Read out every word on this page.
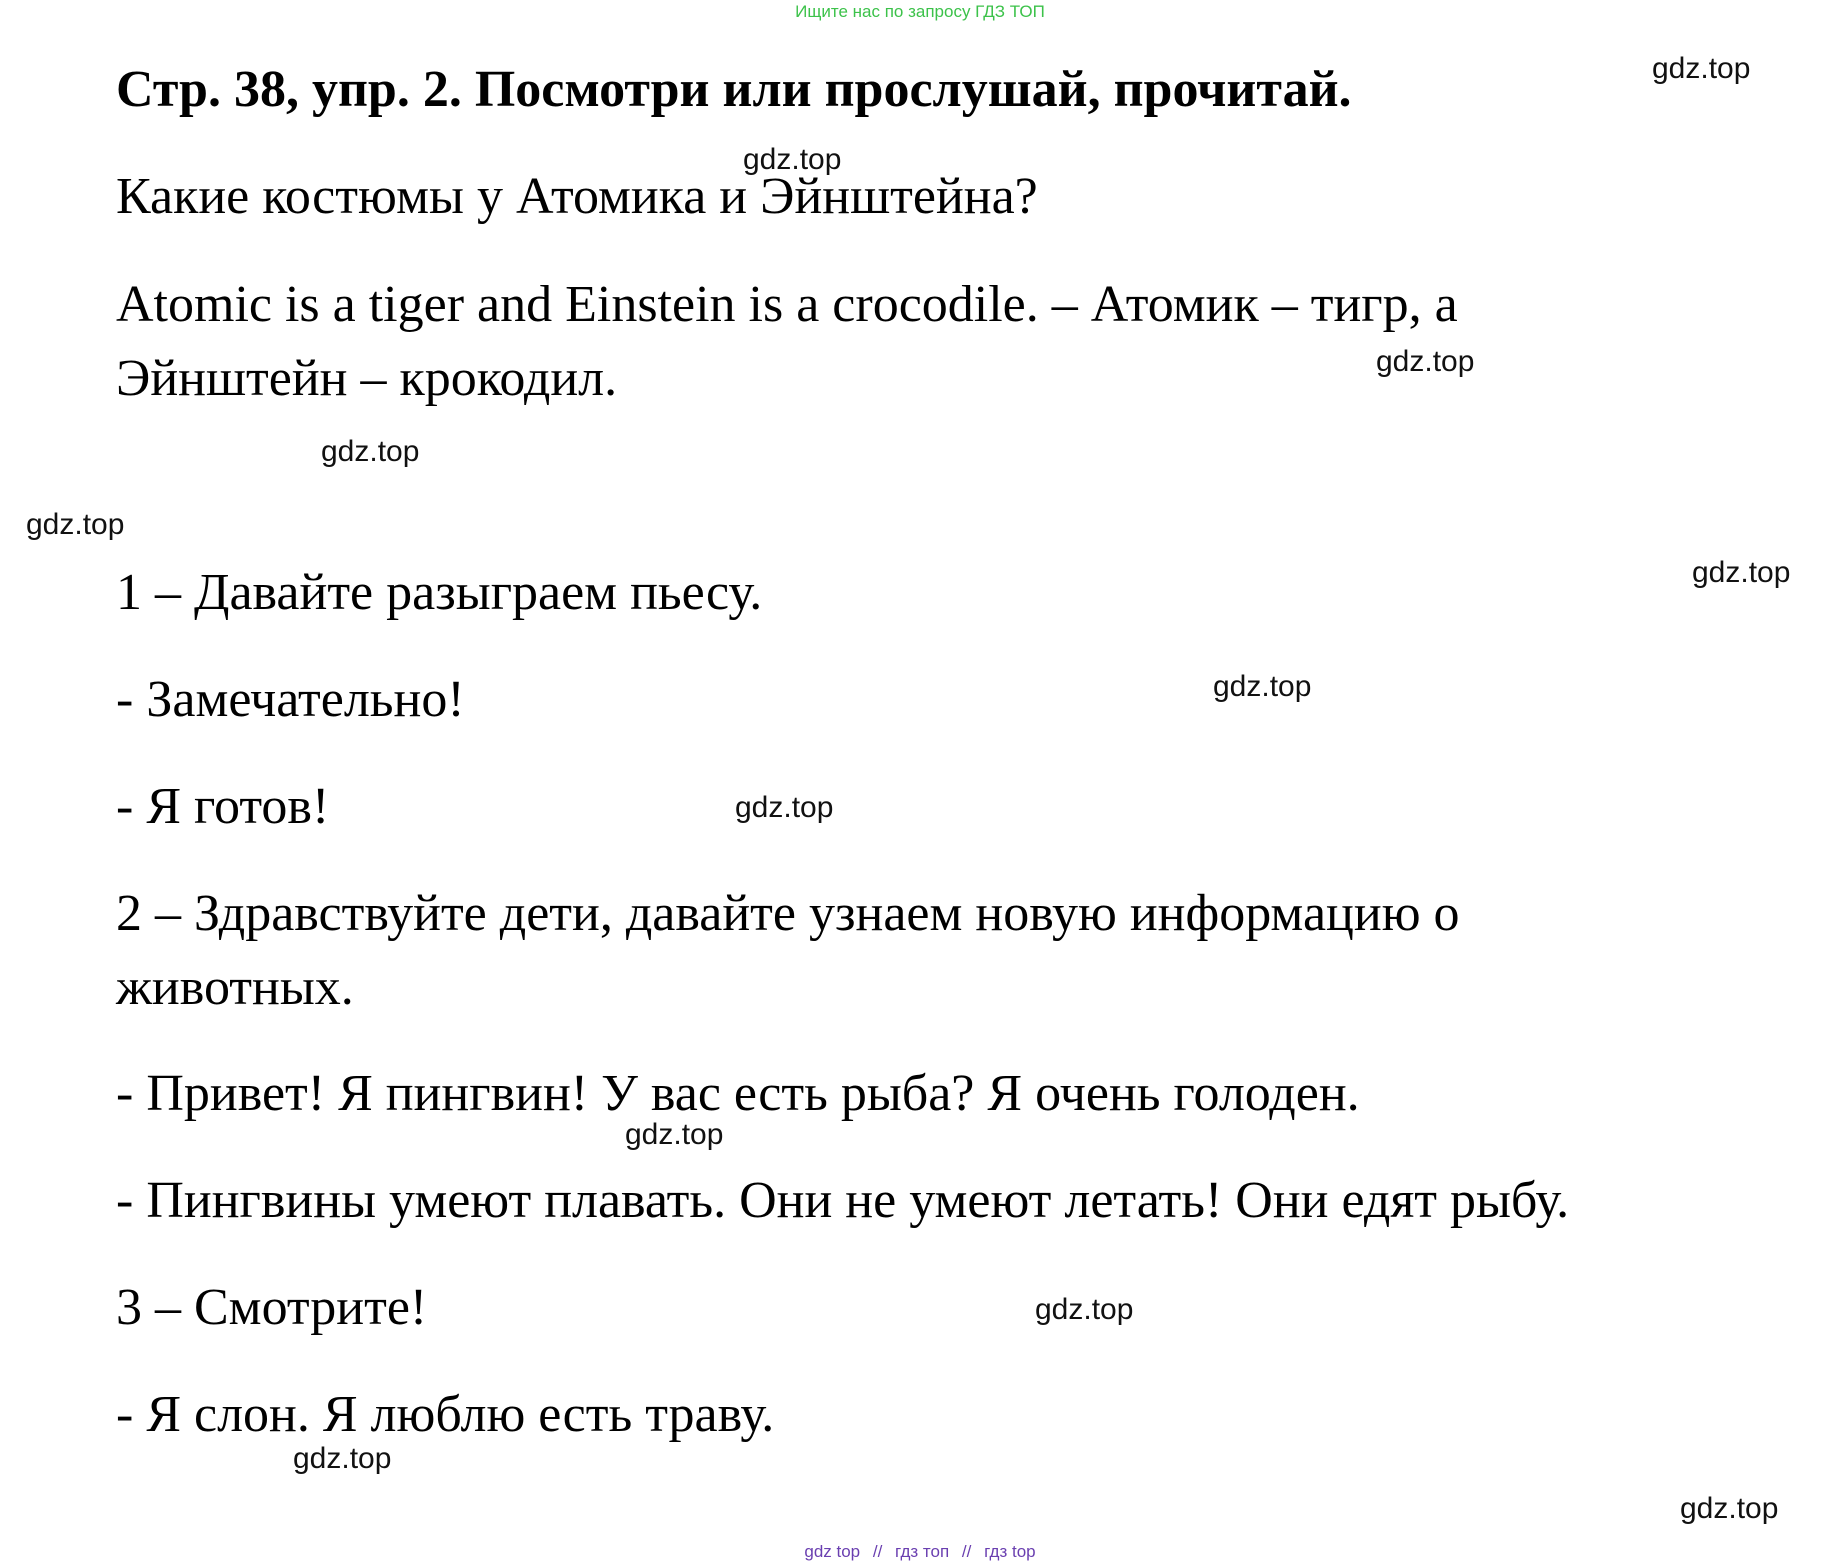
Ищите нас по запросу ГДЗ ТОП
Стр. 38, упр. 2. Посмотри или прослушай, прочитай.
Какие костюмы у Атомика и Эйнштейна?
Atomic is a tiger and Einstein is a crocodile. – Атомик – тигр, а
Эйнштейн – крокодил.
1 – Давайте разыграем пьесу.
- Замечательно!
- Я готов!
2 – Здравствуйте дети, давайте узнаем новую информацию о
животных.
- Привет! Я пингвин! У вас есть рыба? Я очень голоден.
- Пингвины умеют плавать. Они не умеют летать! Они едят рыбу.
3 – Смотрите!
- Я слон. Я люблю есть траву.
gdz.top
gdz.top
gdz.top
gdz.top
gdz.top
gdz.top
gdz.top
gdz.top
gdz.top
gdz.top
gdz.top
gdz.top
gdz top // гдз топ // гдз top
